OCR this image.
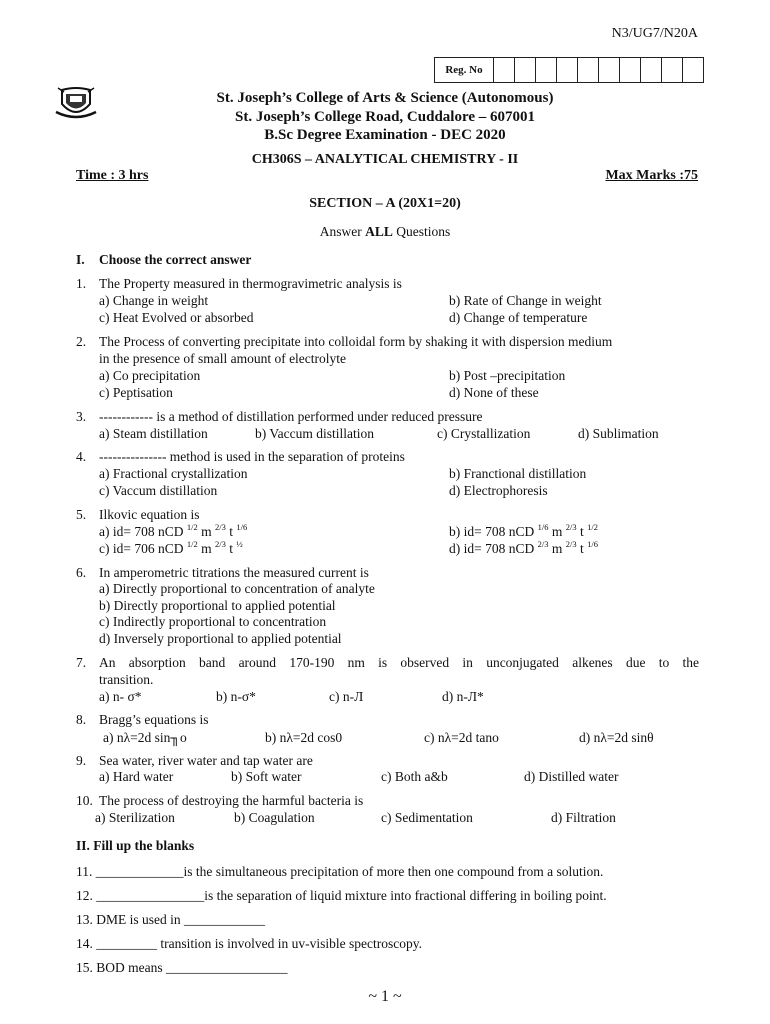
N3/UG7/N20A
Reg. No
St. Joseph’s College of Arts & Science (Autonomous)
St. Joseph’s College Road, Cuddalore – 607001
B.Sc Degree Examination - DEC 2020
CH306S – ANALYTICAL CHEMISTRY - II
Time : 3 hrs	Max Marks :75
SECTION – A (20X1=20)
Answer ALL Questions
I. Choose the correct answer
1. The Property measured in thermogravimetric analysis is
a) Change in weight	b) Rate of Change in weight
c) Heat Evolved or absorbed	d) Change of temperature
2. The Process of converting precipitate into colloidal form by shaking it with dispersion medium
in the presence of small amount of electrolyte
a) Co precipitation	b) Post –precipitation
c) Peptisation	d) None of these
3. ------------ is a method of distillation performed under reduced pressure
a) Steam distillation	b) Vaccum distillation	c) Crystallization	d) Sublimation
4. --------------- method is used in the separation of proteins
a) Fractional crystallization	b) Franctional distillation
c) Vaccum distillation	d) Electrophoresis
5. Ilkovic equation is
a) id= 708 nCD $^{1/2}$ m $^{2/3}$ t $^{1/6}$	b) id= 708 nCD $^{1/6}$ m $^{2/3}$ t $^{1/2}$
c) id= 706 nCD $^{1/2}$ m $^{2/3}$ t $^{\frac{1}{2}}$	d) id= 708 nCD $^{2/3}$ m $^{2/3}$ t $^{1/6}$
6. In amperometric titrations the measured current is
a) Directly proportional to concentration of analyte
b) Directly proportional to applied potential
c) Indirectly proportional to concentration
d) Inversely proportional to applied potential
7. An absorption band around 170-190 nm is observed in unconjugated alkenes due to the
transition.
a) n- σ*	b) n-σ*	c) n-Л	d) n-Л*
8. Bragg’s equations is
a) nλ=2d sin╖o	b) nλ=2d cos0	c) nλ=2d tano	d) nλ=2d sinθ
9. Sea water, river water and tap water are
a) Hard water	b) Soft water	c) Both a&b	d) Distilled water
10. The process of destroying the harmful bacteria is
a) Sterilization	b) Coagulation	c) Sedimentation	d) Filtration
II. Fill up the blanks
11. _____________is the simultaneous precipitation of more then one compound from a solution.
12. ________________is the separation of liquid mixture into fractional differing in boiling point.
13. DME is used in ____________
14. _________ transition is involved in uv-visible spectroscopy.
15. BOD means __________________
~ 1 ~
